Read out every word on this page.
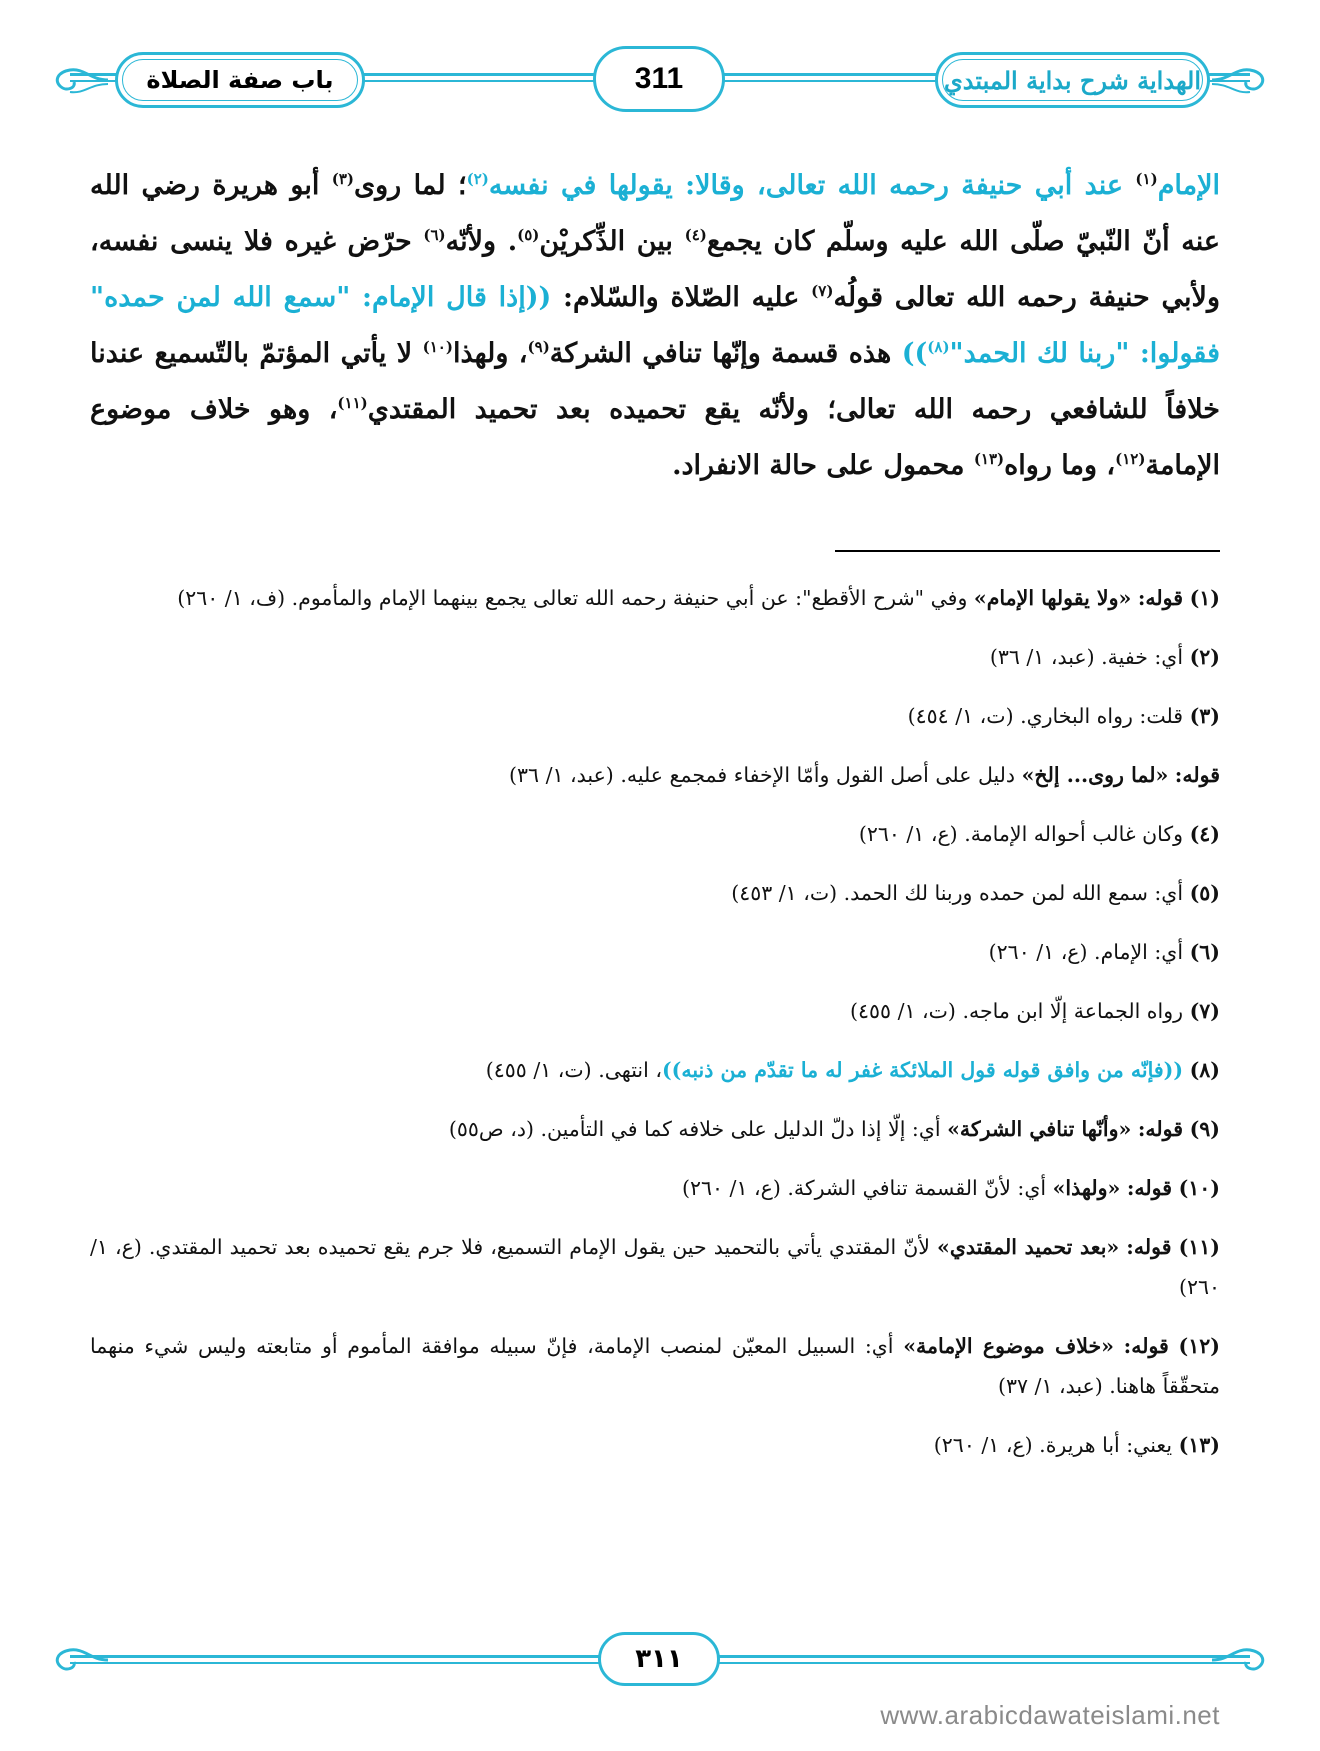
باب صفة الصلاة	311	الهداية شرح بداية المبتدي
الإمام$^{(١)}$ عند أبي حنيفة رحمه الله تعالى، وقالا: يقولها في نفسه$^{(٢)}$؛ لما روى$^{(٣)}$ أبو هريرة رضي الله عنه أنّ النّبيّ صلّى الله عليه وسلّم كان يجمع$^{(٤)}$ بين الذِّكريْن$^{(٥)}$. ولأنّه$^{(٦)}$ حرّض غيره فلا ينسى نفسه، ولأبي حنيفة رحمه الله تعالى قولُه$^{(٧)}$ عليه الصّلاة والسّلام: ((إذا قال الإمام: "سمع الله لمن حمده" فقولوا: "ربنا لك الحمد"$^{(٨)}$)) هذه قسمة وإنّها تنافي الشركة$^{(٩)}$، ولهذا$^{(١٠)}$ لا يأتي المؤتمّ بالتّسميع عندنا خلافاً للشافعي رحمه الله تعالى؛ ولأنّه يقع تحميده بعد تحميد المقتدي$^{(١١)}$، وهو خلاف موضوع الإمامة$^{(١٢)}$، وما رواه$^{(١٣)}$ محمول على حالة الانفراد.
(١) قوله: «ولا يقولها الإمام» وفي "شرح الأقطع": عن أبي حنيفة رحمه الله تعالى يجمع بينهما الإمام والمأموم. (ف، ١/ ٢٦٠)
(٢) أي: خفية. (عبد، ١/ ٣٦)
(٣) قلت: رواه البخاري. (ت، ١/ ٤٥٤)
قوله: «لما روى... إلخ» دليل على أصل القول وأمّا الإخفاء فمجمع عليه. (عبد، ١/ ٣٦)
(٤) وكان غالب أحواله الإمامة. (ع، ١/ ٢٦٠)
(٥) أي: سمع الله لمن حمده وربنا لك الحمد. (ت، ١/ ٤٥٣)
(٦) أي: الإمام. (ع، ١/ ٢٦٠)
(٧) رواه الجماعة إلّا ابن ماجه. (ت، ١/ ٤٥٥)
(٨) ((فإنّه من وافق قوله قول الملائكة غفر له ما تقدّم من ذنبه))، انتهى. (ت، ١/ ٤٥٥)
(٩) قوله: «وأنّها تنافي الشركة» أي: إلّا إذا دلّ الدليل على خلافه كما في التأمين. (د، ص٥٥)
(١٠) قوله: «ولهذا» أي: لأنّ القسمة تنافي الشركة. (ع، ١/ ٢٦٠)
(١١) قوله: «بعد تحميد المقتدي» لأنّ المقتدي يأتي بالتحميد حين يقول الإمام التسميع، فلا جرم يقع تحميده بعد تحميد المقتدي. (ع، ١/ ٢٦٠)
(١٢) قوله: «خلاف موضوع الإمامة» أي: السبيل المعيّن لمنصب الإمامة، فإنّ سبيله موافقة المأموم أو متابعته وليس شيء منهما متحقّقاً هاهنا. (عبد، ١/ ٣٧)
(١٣) يعني: أبا هريرة. (ع، ١/ ٢٦٠)
٣١١
www.arabicdawateislami.net
